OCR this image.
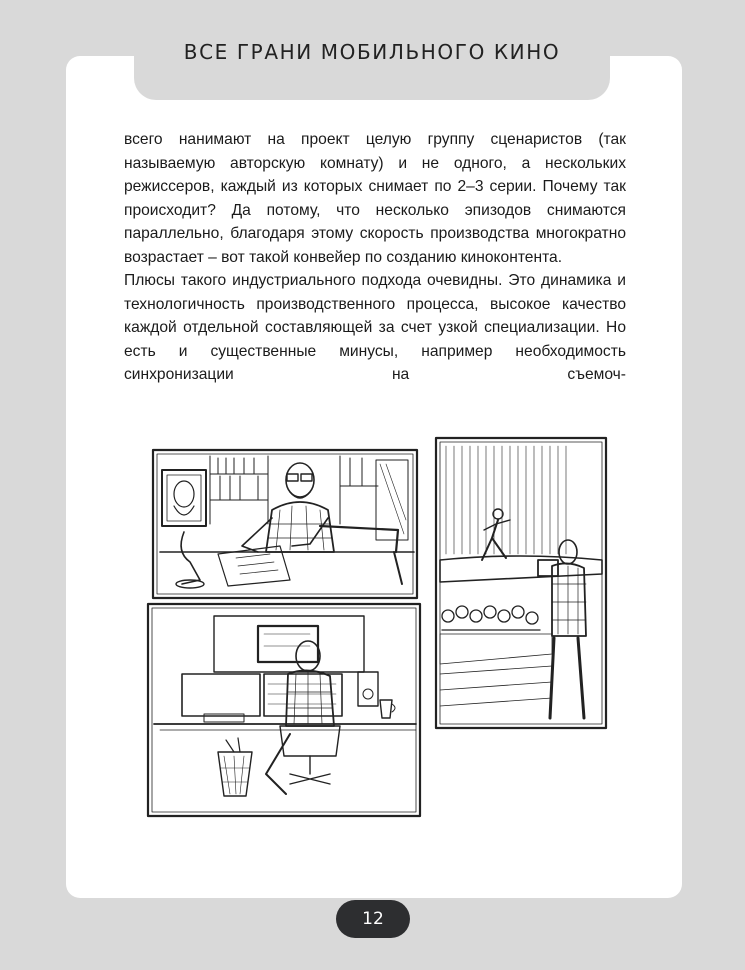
ВСЕ ГРАНИ МОБИЛЬНОГО КИНО

всего нанимают на проект целую группу сценаристов (так называемую авторскую комнату) и не одного, а нескольких режиссеров, каждый из которых снимает по 2–3 серии. Почему так происходит? Да потому, что несколько эпизодов снимаются параллельно, благодаря этому скорость производства многократно возрастает – вот такой конвейер по созданию киноконтента.

Плюсы такого индустриального подхода очевидны. Это динамика и технологичность производственного процесса, высокое качество каждой отдельной составляющей за счет узкой специализации. Но есть и существенные минусы, например необходимость синхронизации на съемоч-

12
